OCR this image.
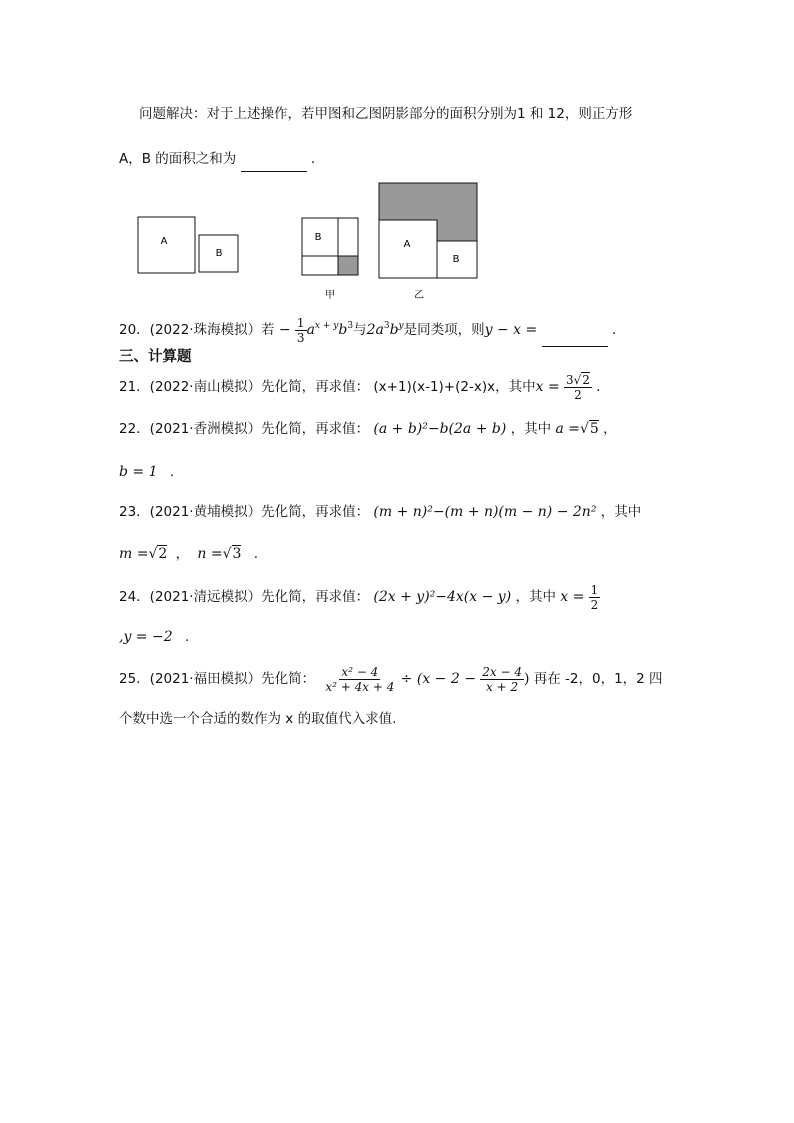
问题解决：对于上述操作，若甲图和乙图阴影部分的面积分别为1 和 12，则正方形
A，B 的面积之和为	.
A
B
B
A
B
甲	乙
20．(2022·珠海模拟）若 − $\frac{1}{3} a^{x + y}b^3$与$2a^3b^y$是同类项，则y − x =	.
三、计算题
21．(2022·南山模拟）先化简，再求值： (x+1)(x-1)+(2-x)x，其中$x = \frac{3√2}{2}$ .
22．(2021·香洲模拟）先化简，再求值： (a + b)²−b(2a + b) ，其中 a =√5 ，
b = 1 .
23．(2021·黄埔模拟）先化简，再求值： (m + n)²−(m + n)(m − n) − 2n² ，其中
m =√2 ， n =√3 .
24．(2021·清远模拟）先化简，再求值： (2x + y)²−4x(x − y) ，其中 $x = \frac{1}{2}$
,y = −2 .
25．(2021·福田模拟）先化简： $\frac{\text{x² − 4}}{\text{x² + 4x + 4}} \div (x - 2 - \frac{2x - 4}{x + 2}$ ) 再在 -2，0，1，2 四
个数中选一个合适的数作为 x 的取值代入求值.
